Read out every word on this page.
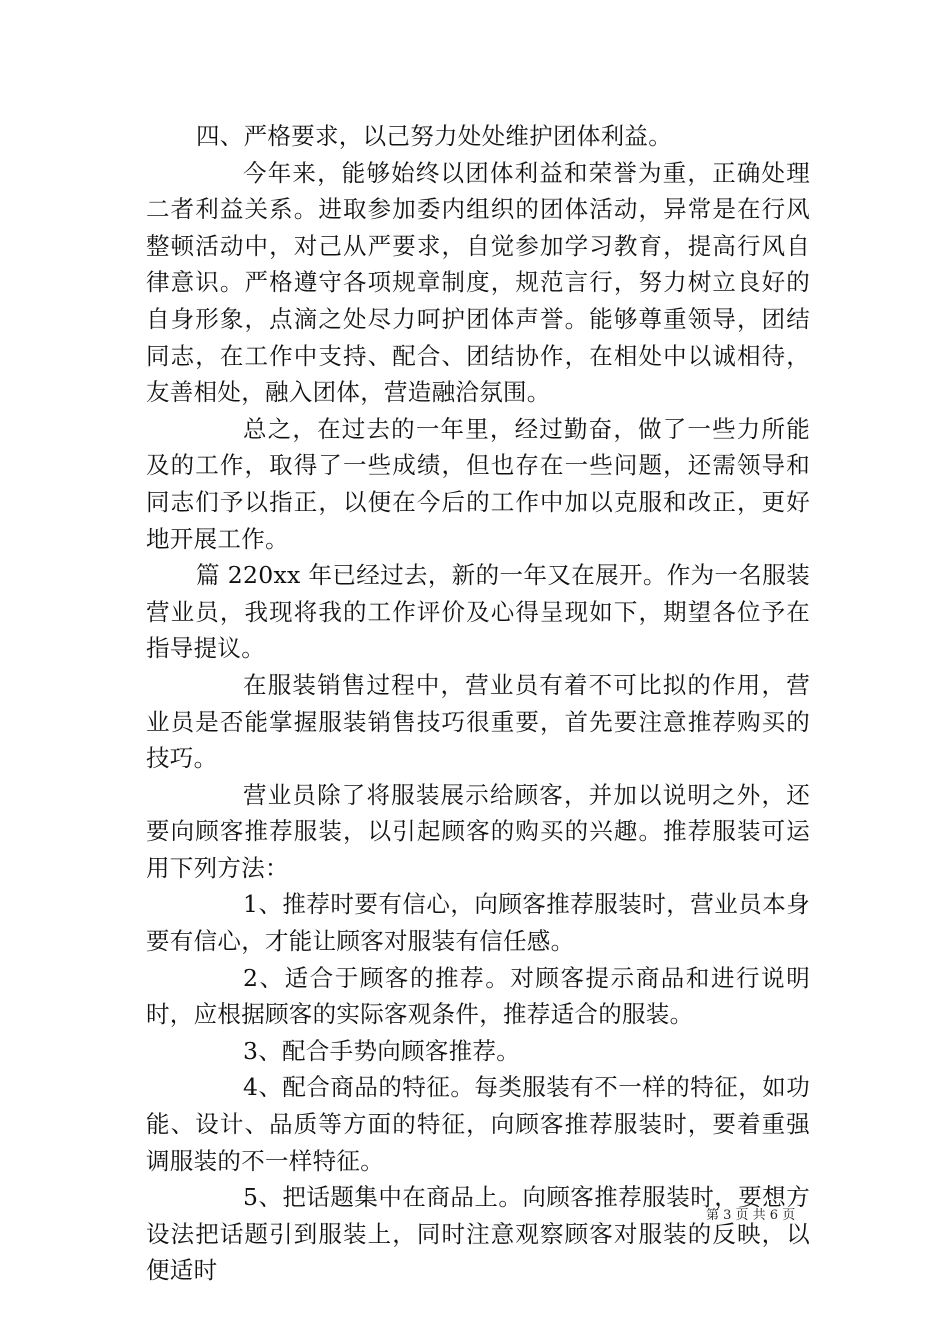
四、严格要求，以己努力处处维护团体利益。

今年来，能够始终以团体利益和荣誉为重，正确处理二者利益关系。进取参加委内组织的团体活动，异常是在行风整顿活动中，对己从严要求，自觉参加学习教育，提高行风自律意识。严格遵守各项规章制度，规范言行，努力树立良好的自身形象，点滴之处尽力呵护团体声誉。能够尊重领导，团结同志，在工作中支持、配合、团结协作，在相处中以诚相待，友善相处，融入团体，营造融洽氛围。

总之，在过去的一年里，经过勤奋，做了一些力所能及的工作，取得了一些成绩，但也存在一些问题，还需领导和同志们予以指正，以便在今后的工作中加以克服和改正，更好地开展工作。

篇 220xx 年已经过去，新的一年又在展开。作为一名服装营业员，我现将我的工作评价及心得呈现如下，期望各位予在指导提议。

在服装销售过程中，营业员有着不可比拟的作用，营业员是否能掌握服装销售技巧很重要，首先要注意推荐购买的技巧。

营业员除了将服装展示给顾客，并加以说明之外，还要向顾客推荐服装，以引起顾客的购买的兴趣。推荐服装可运用下列方法：

1、推荐时要有信心，向顾客推荐服装时，营业员本身要有信心，才能让顾客对服装有信任感。

2、适合于顾客的推荐。对顾客提示商品和进行说明时，应根据顾客的实际客观条件，推荐适合的服装。

3、配合手势向顾客推荐。

4、配合商品的特征。每类服装有不一样的特征，如功能、设计、品质等方面的特征，向顾客推荐服装时，要着重强调服装的不一样特征。

5、把话题集中在商品上。向顾客推荐服装时，要想方设法把话题引到服装上，同时注意观察顾客对服装的反映，以便适时

第 3 页 共 6 页
